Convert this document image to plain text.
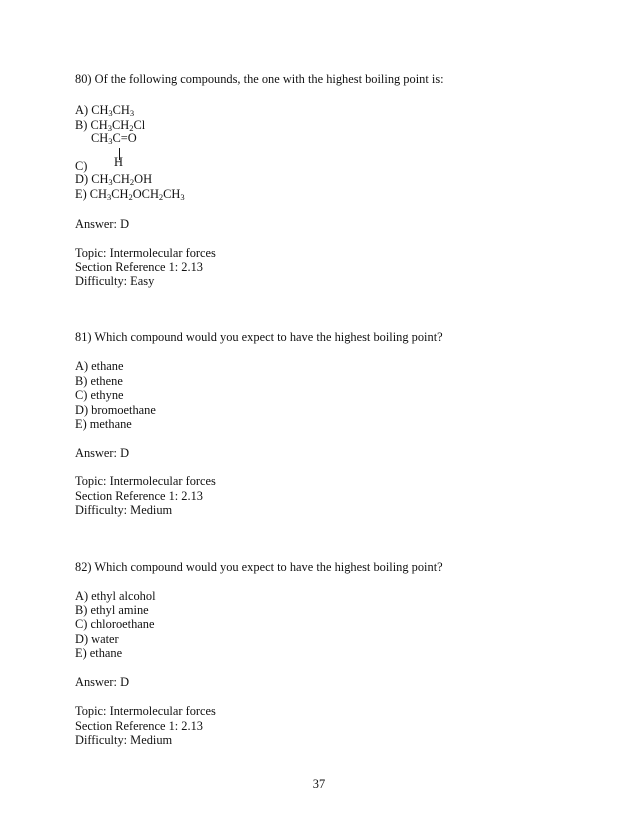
80) Of the following compounds, the one with the highest boiling point is:
A) $CH_3CH_3$
B) $CH_3CH_2Cl$
$CH_3C=O$
H
C)
D) $CH_3CH_2OH$
E) $CH_3CH_2OCH_2CH_3$
Answer: D
Topic: Intermolecular forces
Section Reference 1: 2.13
Difficulty: Easy
81) Which compound would you expect to have the highest boiling point?
A) ethane
B) ethene
C) ethyne
D) bromoethane
E) methane
Answer: D
Topic: Intermolecular forces
Section Reference 1: 2.13
Difficulty: Medium
82) Which compound would you expect to have the highest boiling point?
A) ethyl alcohol
B) ethyl amine
C) chloroethane
D) water
E) ethane
Answer: D
Topic: Intermolecular forces
Section Reference 1: 2.13
Difficulty: Medium
37
